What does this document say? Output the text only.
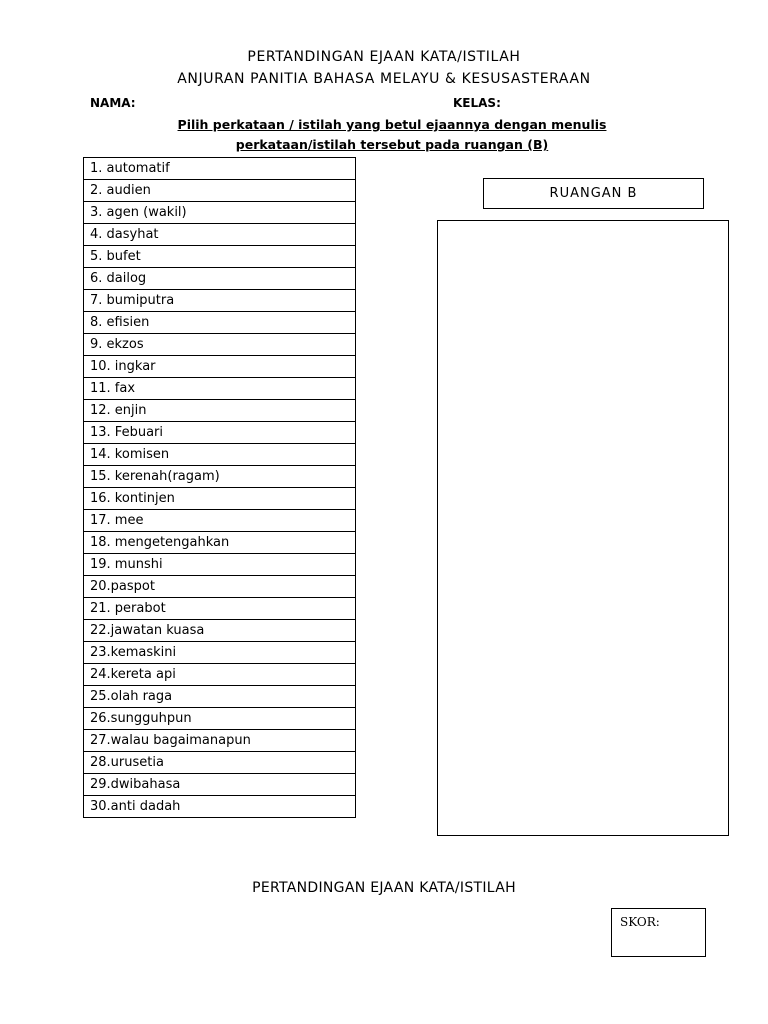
PERTANDINGAN EJAAN KATA/ISTILAH
ANJURAN PANITIA BAHASA MELAYU & KESUSASTERAAN
NAMA:	KELAS:
Pilih perkataan / istilah yang betul ejaannya dengan menulis
perkataan/istilah tersebut pada ruangan (B)
1. automatif
2. audien
3. agen (wakil)
4. dasyhat
5. bufet
6. dailog
7. bumiputra
8. efisien
9. ekzos
10. ingkar
11. fax
12. enjin
13. Febuari
14. komisen
15. kerenah(ragam)
16. kontinjen
17. mee
18. mengetengahkan
19. munshi
20.paspot
21. perabot
22.jawatan kuasa
23.kemaskini
24.kereta api
25.olah raga
26.sungguhpun
27.walau bagaimanapun
28.urusetia
29.dwibahasa
30.anti dadah
RUANGAN B
PERTANDINGAN EJAAN KATA/ISTILAH
SKOR:
